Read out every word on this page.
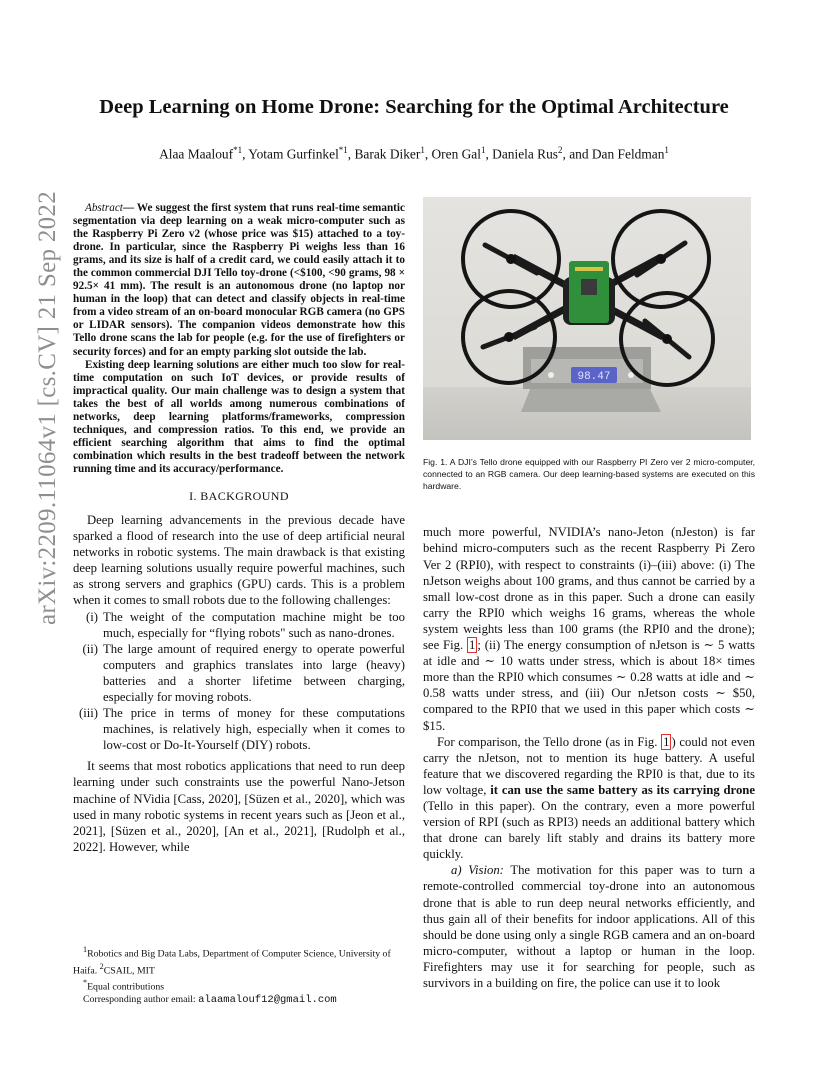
Deep Learning on Home Drone: Searching for the Optimal Architecture
Alaa Maalouf$^{*1}$, Yotam Gurfinkel$^{*1}$, Barak Diker$^1$, Oren Gal$^1$, Daniela Rus$^2$, and Dan Feldman$^1$
arXiv:2209.11064v1 [cs.CV] 21 Sep 2022	Abstract— We suggest the first system that runs real-time semantic segmentation via deep learning on a weak micro-computer such as the Raspberry Pi Zero v2 (whose price was $15) attached to a toy-drone. In particular, since the Raspberry Pi weighs less than 16 grams, and its size is half of a credit card, we could easily attach it to the common commercial DJI Tello toy-drone (<$100, <90 grams, 98 × 92.5× 41 mm). The result is an autonomous drone (no laptop nor human in the loop) that can detect and classify objects in real-time from a video stream of an on-board monocular RGB camera (no GPS or LIDAR sensors). The companion videos demonstrate how this Tello drone scans the lab for people (e.g. for the use of firefighters or security forces) and for an empty parking slot outside the lab.

Existing deep learning solutions are either much too slow for real-time computation on such IoT devices, or provide results of impractical quality. Our main challenge was to design a system that takes the best of all worlds among numerous combinations of networks, deep learning platforms/frameworks, compression techniques, and compression ratios. To this end, we provide an efficient searching algorithm that aims to find the optimal combination which results in the best tradeoff between the network running time and its accuracy/performance.

I. BACKGROUND

Deep learning advancements in the previous decade have sparked a flood of research into the use of deep artificial neural networks in robotic systems. The main drawback is that existing deep learning solutions usually require powerful machines, such as strong servers and graphics (GPU) cards. This is a problem when it comes to small robots due to the following challenges:

(i) The weight of the computation machine might be too much, especially for “flying robots" such as nano-drones.
(ii) The large amount of required energy to operate powerful computers and graphics translates into large (heavy) batteries and a shorter lifetime between charging, especially for moving robots.
(iii) The price in terms of money for these computations machines, is relatively high, especially when it comes to low-cost or Do-It-Yourself (DIY) robots.

It seems that most robotics applications that need to run deep learning under such constraints use the powerful Nano-Jetson machine of NVidia [Cass, 2020], [Süzen et al., 2020], which was used in many robotic systems in recent years such as [Jeon et al., 2021], [Süzen et al., 2020], [An et al., 2021], [Rudolph et al., 2022]. However, while

$^1$Robotics and Big Data Labs, Department of Computer Science, University of Haifa. $^2$CSAIL, MIT
*Equal contributions
Corresponding author email: alaamalouf12@gmail.com
98.47

Fig. 1. A DJI’s Tello drone equipped with our Raspberry PI Zero ver 2 micro-computer, connected to an RGB camera. Our deep learning-based systems are executed on this hardware.

much more powerful, NVIDIA’s nano-Jeton (nJeston) is far behind micro-computers such as the recent Raspberry Pi Zero Ver 2 (RPI0), with respect to constraints (i)–(iii) above: (i) The nJetson weighs about 100 grams, and thus cannot be carried by a small low-cost drone as in this paper. Such a drone can easily carry the RPI0 which weighs 16 grams, whereas the whole system weights less than 100 grams (the RPI0 and the drone); see Fig. 1 ; (ii) The energy consumption of nJetson is ∼ 5 watts at idle and ∼ 10 watts under stress, which is about 18× times more than the RPI0 which consumes ∼ 0.28 watts at idle and ∼ 0.58 watts under stress, and (iii) Our nJetson costs ∼ $50, compared to the RPI0 that we used in this paper which costs ∼ $15.

For comparison, the Tello drone (as in Fig. 1 ) could not even carry the nJetson, not to mention its huge battery. A useful feature that we discovered regarding the RPI0 is that, due to its low voltage, it can use the same battery as its carrying drone (Tello in this paper). On the contrary, even a more powerful version of RPI (such as RPI3) needs an additional battery which that drone can barely lift stably and drains its battery more quickly.

a) Vision: The motivation for this paper was to turn a remote-controlled commercial toy-drone into an autonomous drone that is able to run deep neural networks efficiently, and thus gain all of their benefits for indoor applications. All of this should be done using only a single RGB camera and an on-board micro-computer, without a laptop or human in the loop. Firefighters may use it for searching for people, such as survivors in a building on fire, the police can use it to look
